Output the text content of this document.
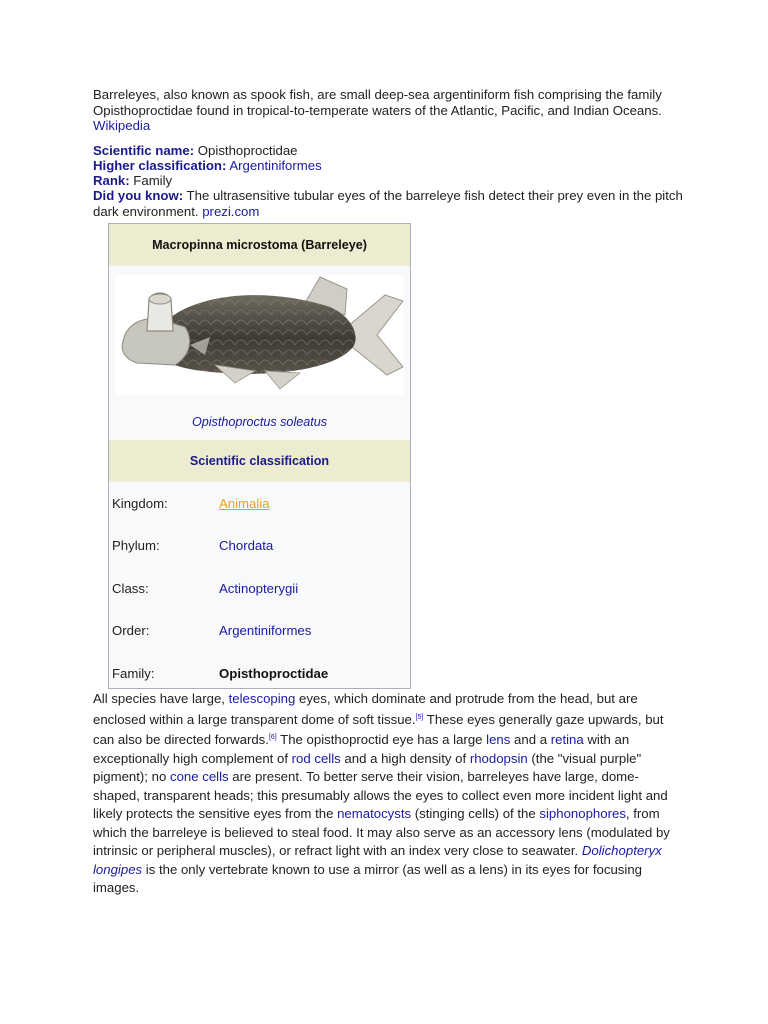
Barreleyes, also known as spook fish, are small deep-sea argentiniform fish comprising the family Opisthoproctidae found in tropical-to-temperate waters of the Atlantic, Pacific, and Indian Oceans. Wikipedia

Scientific name: Opisthoproctidae

Higher classification: Argentiniformes

Rank: Family

Did you know: The ultrasensitive tubular eyes of the barreleye fish detect their prey even in the pitch dark environment. prezi.com

Macropinna microstoma (Barreleye)
Opisthoproctus soleatus
Scientific classification
Kingdom:	Animalia
Phylum:	Chordata
Class:	Actinopterygii
Order:	Argentiniformes
Family:	Opisthoproctidae

All species have large, telescoping eyes, which dominate and protrude from the head, but are enclosed within a large transparent dome of soft tissue.[5] These eyes generally gaze upwards, but can also be directed forwards.[6] The opisthoproctid eye has a large lens and a retina with an exceptionally high complement of rod cells and a high density of rhodopsin (the "visual purple" pigment); no cone cells are present. To better serve their vision, barreleyes have large, dome-shaped, transparent heads; this presumably allows the eyes to collect even more incident light and likely protects the sensitive eyes from the nematocysts (stinging cells) of the siphonophores, from which the barreleye is believed to steal food. It may also serve as an accessory lens (modulated by intrinsic or peripheral muscles), or refract light with an index very close to seawater. Dolichopteryx longipes is the only vertebrate known to use a mirror (as well as a lens) in its eyes for focusing images.
